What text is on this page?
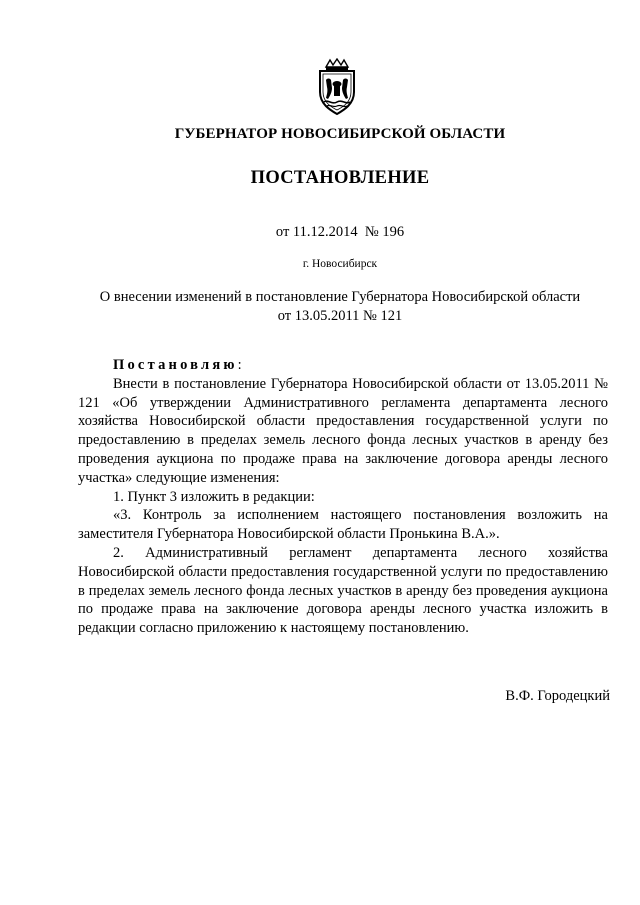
ГУБЕРНАТОР НОВОСИБИРСКОЙ ОБЛАСТИ
ПОСТАНОВЛЕНИЕ
от 11.12.2014  № 196
г. Новосибирск
О внесении изменений в постановление Губернатора Новосибирской области
от 13.05.2011 № 121

Постановляю:

Внести в постановление Губернатора Новосибирской области от 13.05.2011 № 121 «Об утверждении Административного регламента департамента лесного хозяйства Новосибирской области предоставления государственной услуги по предоставлению в пределах земель лесного фонда лесных участков в аренду без проведения аукциона по продаже права на заключение договора аренды лесного участка» следующие изменения:

1. Пункт 3 изложить в редакции:

«3. Контроль за исполнением настоящего постановления возложить на заместителя Губернатора Новосибирской области Пронькина В.А.».

2. Административный регламент департамента лесного хозяйства Новосибирской области предоставления государственной услуги по предоставлению в пределах земель лесного фонда лесных участков в аренду без проведения аукциона по продаже права на заключение договора аренды лесного участка изложить в редакции согласно приложению к настоящему постановлению.

В.Ф. Городецкий
